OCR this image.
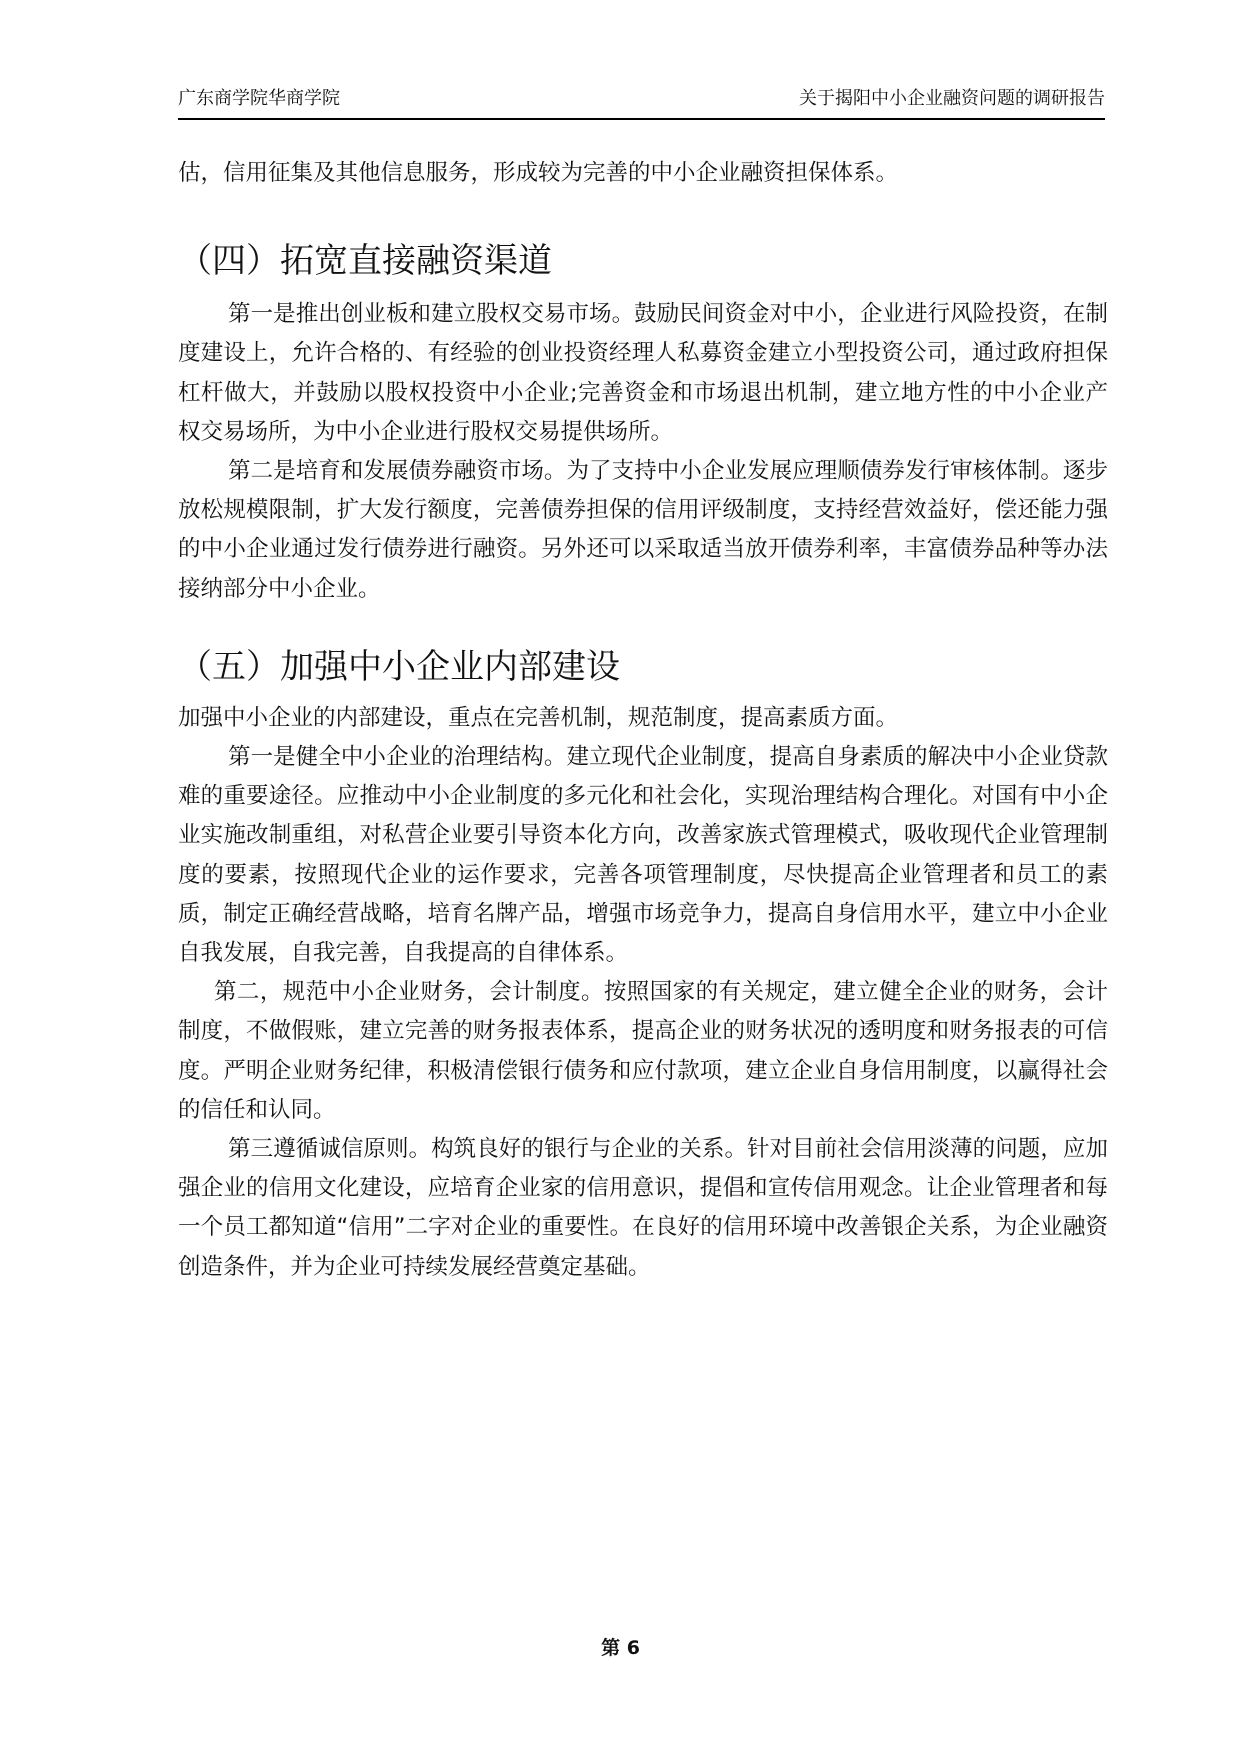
广东商学院华商学院	关于揭阳中小企业融资问题的调研报告

估，信用征集及其他信息服务，形成较为完善的中小企业融资担保体系。

（四）拓宽直接融资渠道

第一是推出创业板和建立股权交易市场。鼓励民间资金对中小，企业进行风险投资，在制度建设上，允许合格的、有经验的创业投资经理人私募资金建立小型投资公司，通过政府担保杠杆做大，并鼓励以股权投资中小企业;完善资金和市场退出机制，建立地方性的中小企业产权交易场所，为中小企业进行股权交易提供场所。

第二是培育和发展债券融资市场。为了支持中小企业发展应理顺债券发行审核体制。逐步放松规模限制，扩大发行额度，完善债券担保的信用评级制度，支持经营效益好，偿还能力强的中小企业通过发行债券进行融资。另外还可以采取适当放开债券利率，丰富债券品种等办法接纳部分中小企业。

（五）加强中小企业内部建设

加强中小企业的内部建设，重点在完善机制，规范制度，提高素质方面。

第一是健全中小企业的治理结构。建立现代企业制度，提高自身素质的解决中小企业贷款难的重要途径。应推动中小企业制度的多元化和社会化，实现治理结构合理化。对国有中小企业实施改制重组，对私营企业要引导资本化方向，改善家族式管理模式，吸收现代企业管理制度的要素，按照现代企业的运作要求，完善各项管理制度，尽快提高企业管理者和员工的素质，制定正确经营战略，培育名牌产品，增强市场竞争力，提高自身信用水平，建立中小企业自我发展，自我完善，自我提高的自律体系。

第二，规范中小企业财务，会计制度。按照国家的有关规定，建立健全企业的财务，会计制度，不做假账，建立完善的财务报表体系，提高企业的财务状况的透明度和财务报表的可信度。严明企业财务纪律，积极清偿银行债务和应付款项，建立企业自身信用制度，以赢得社会的信任和认同。

第三遵循诚信原则。构筑良好的银行与企业的关系。针对目前社会信用淡薄的问题，应加强企业的信用文化建设，应培育企业家的信用意识，提倡和宣传信用观念。让企业管理者和每一个员工都知道“信用”二字对企业的重要性。在良好的信用环境中改善银企关系，为企业融资创造条件，并为企业可持续发展经营奠定基础。

第 6
